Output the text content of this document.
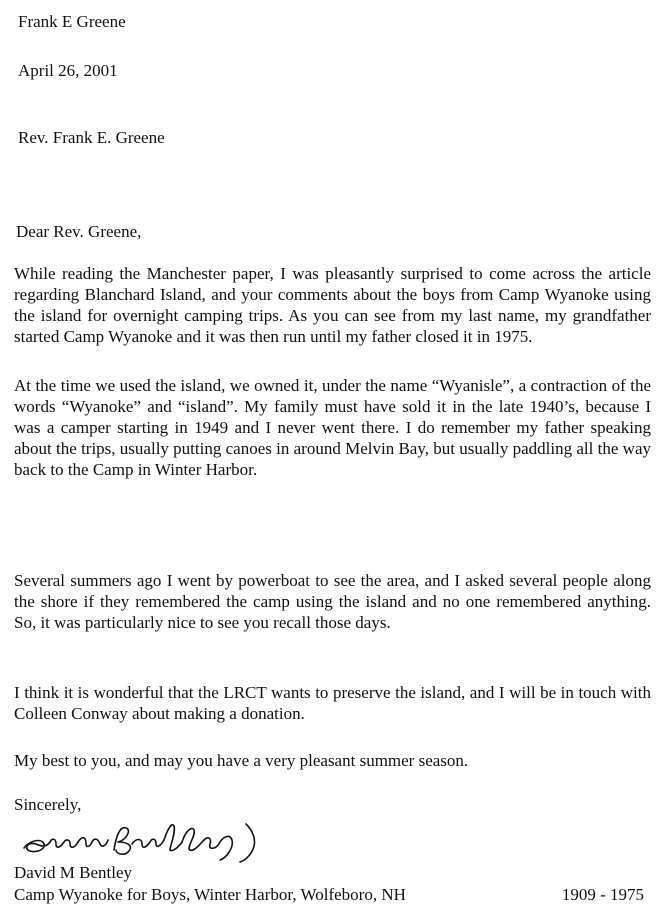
Frank E Greene
April 26, 2001
Rev. Frank E. Greene
Dear Rev. Greene,

While reading the Manchester paper, I was pleasantly surprised to come across the article regarding Blanchard Island, and your comments about the boys from Camp Wyanoke using the island for overnight camping trips. As you can see from my last name, my grandfather started Camp Wyanoke and it was then run until my father closed it in 1975.

At the time we used the island, we owned it, under the name “Wyanisle”, a contraction of the words “Wyanoke” and “island”. My family must have sold it in the late 1940’s, because I was a camper starting in 1949 and I never went there. I do remember my father speaking about the trips, usually putting canoes in around Melvin Bay, but usually paddling all the way back to the Camp in Winter Harbor.

Several summers ago I went by powerboat to see the area, and I asked several people along the shore if they remembered the camp using the island and no one remembered anything. So, it was particularly nice to see you recall those days.

I think it is wonderful that the LRCT wants to preserve the island, and I will be in touch with Colleen Conway about making a donation.

My best to you, and may you have a very pleasant summer season.

Sincerely,
David M Bentley
Camp Wyanoke for Boys, Winter Harbor, Wolfeboro, NH	1909 - 1975
